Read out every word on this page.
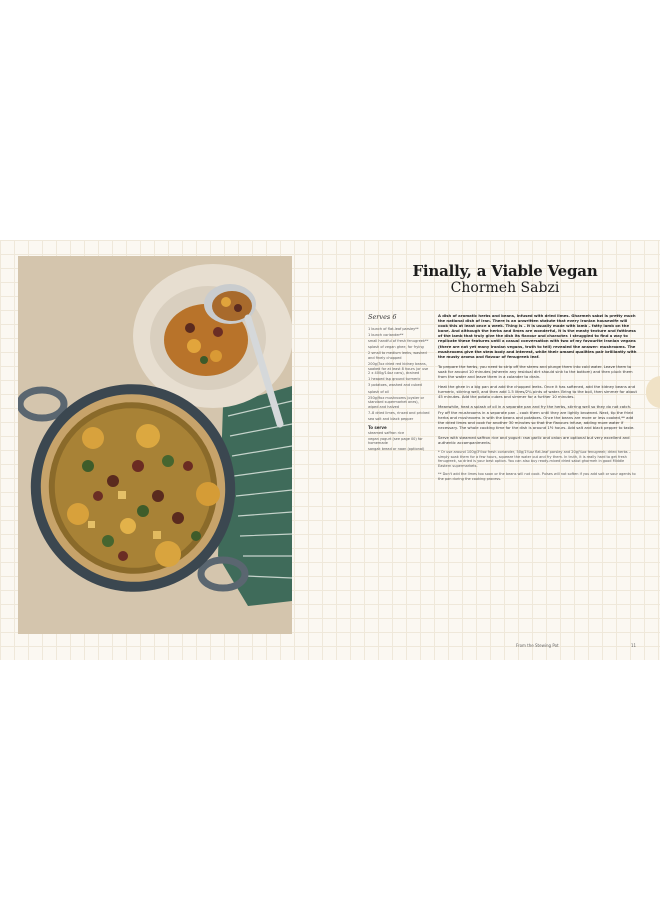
Finally, a Viable Vegan
Chormeh Sabzi
Serves 6
1 bunch of flat-leaf parsley**
1 bunch coriander**
small handful of fresh fenugreek**
splash of vegan ghee, for frying
2 small to medium leeks, washed and finely chopped
200g/7oz dried red kidney beans, soaked for at least 8 hours (or use 2 x 400g/14oz cans), drained
1 heaped tsp ground turmeric
3 potatoes, washed and cubed
splash of oil
250g/9oz mushrooms (oyster or standard supermarket ones), wiped and halved
7–8 dried limes, rinsed and pricked
sea salt and black pepper
To serve
steamed saffron rice
vegan yogurt (see page 00) for homemade
sangak bread or naan (optional)

A dish of aromatic herbs and beans, infused with dried limes. Gharmeh sabzi is pretty much the national dish of Iran. There is an unwritten statute that every Iranian housewife will cook this at least once a week. Thing is – it is usually made with lamb – fatty lamb on the bone. And although the herbs and limes are wonderful, it is the meaty texture and fattiness of the lamb that truly give the dish its flavour and character. I struggled to find a way to replicate these features until a casual conversation with two of my favourite Iranian vegans (there are not yet many Iranian vegans, truth to tell) revealed the answer: mushrooms. The mushrooms give the stew body and interest, while their umami qualities pair brilliantly with the musty aroma and flavour of fenugreek leaf.

To prepare the herbs, you need to strip off the stems and plunge them into cold water. Leave them to soak for around 10 minutes (wherein any residual dirt should sink to the bottom) and then pluck them from the water and leave them in a colander to drain.

Heat the ghee in a big pan and add the chopped leeks. Once it has softened, add the kidney beans and turmeric, stirring well, and then add 1.5 litres/2¾ pints of water. Bring to the boil, then simmer for about 45 minutes. Add the potato cubes and simmer for a further 10 minutes.

Meanwhile, heat a splash of oil in a separate pan and fry the herbs, stirring well so they do not catch. Fry off the mushrooms in a separate pan – cook them until they are lightly browned. Next, tip the fried herbs and mushrooms in with the beans and potatoes. Once the beans are more or less cooked,** add the dried limes and cook for another 30 minutes so that the flavours infuse, adding more water if necessary. The whole cooking time for the dish is around 1½ hours. Add salt and black pepper to taste.

Serve with steamed saffron rice and yogurt: raw garlic and onion are optional but very excellent and authentic accompaniments.

* Or use around 100g/3½oz fresh coriander, 50g/1¾oz flat-leaf parsley and 20g/¾oz fenugreek; dried herbs – simply soak them for a few hours, squeeze the water out and fry them. In truth, it is really hard to get fresh fenugreek, so dried is your best option. You can also buy ready-mixed dried sabzi ghormeh in good Middle Eastern supermarkets.

** Don't add the limes too soon or the beans will not cook. Pulses will not soften if you add salt or sour agents to the pan during the cooking process.

From the Stewing Pot	11
